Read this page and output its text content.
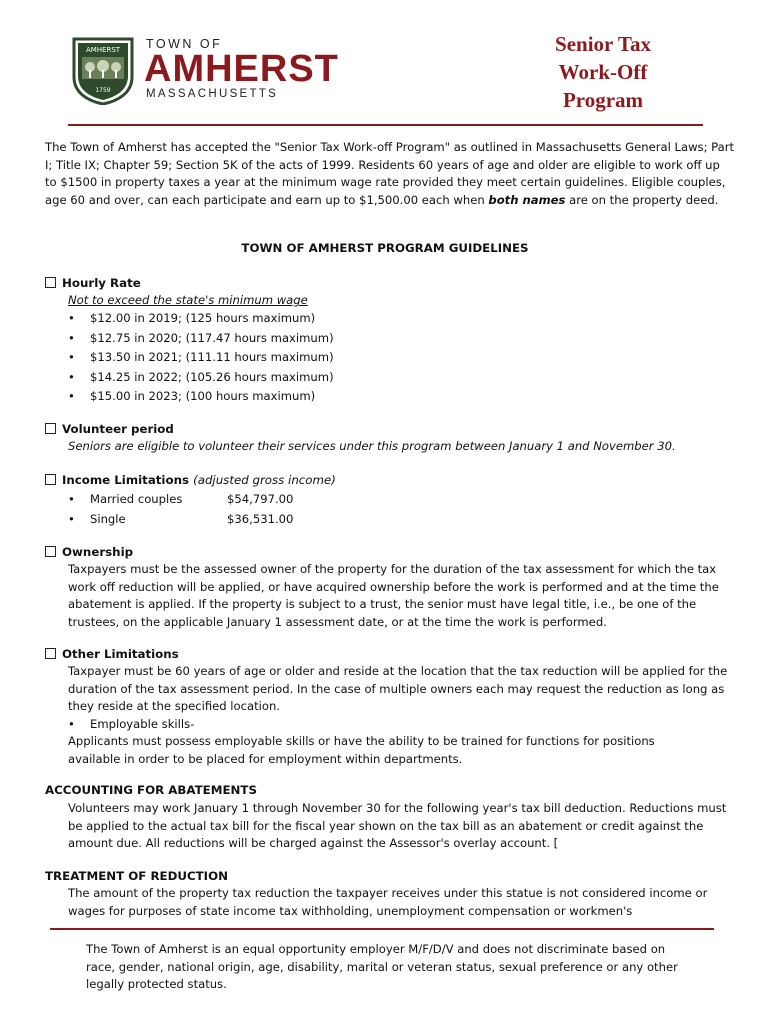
AMHERST
1759
TOWN OF
AMHERST
MASSACHUSETTS
Senior Tax
Work-Off
Program
The Town of Amherst has accepted the "Senior Tax Work-off Program" as outlined in Massachusetts General Laws; Part I; Title IX; Chapter 59; Section 5K of the acts of 1999. Residents 60 years of age and older are eligible to work off up to $1500 in property taxes a year at the minimum wage rate provided they meet certain guidelines. Eligible couples, age 60 and over, can each participate and earn up to $1,500.00 each when both names are on the property deed.
TOWN OF AMHERST PROGRAM GUIDELINES
Hourly Rate
Not to exceed the state's minimum wage
•	$12.00 in 2019; (125 hours maximum)
•	$12.75 in 2020; (117.47 hours maximum)
•	$13.50 in 2021; (111.11 hours maximum)
•	$14.25 in 2022; (105.26 hours maximum)
•	$15.00 in 2023; (100 hours maximum)
Volunteer period
Seniors are eligible to volunteer their services under this program between January 1 and November 30.
Income Limitations (adjusted gross income)
•	Married couples	$54,797.00
•	Single	$36,531.00
Ownership
Taxpayers must be the assessed owner of the property for the duration of the tax assessment for which the tax work off reduction will be applied, or have acquired ownership before the work is performed and at the time the abatement is applied. If the property is subject to a trust, the senior must have legal title, i.e., be one of the trustees, on the applicable January 1 assessment date, or at the time the work is performed.
Other Limitations
Taxpayer must be 60 years of age or older and reside at the location that the tax reduction will be applied for the duration of the tax assessment period. In the case of multiple owners each may request the reduction as long as they reside at the specified location.
•	Employable skills-
Applicants must possess employable skills or have the ability to be trained for functions for positions available in order to be placed for employment within departments.
ACCOUNTING FOR ABATEMENTS
Volunteers may work January 1 through November 30 for the following year's tax bill deduction. Reductions must be applied to the actual tax bill for the fiscal year shown on the tax bill as an abatement or credit against the amount due. All reductions will be charged against the Assessor's overlay account. [
TREATMENT OF REDUCTION
The amount of the property tax reduction the taxpayer receives under this statue is not considered income or wages for purposes of state income tax withholding, unemployment compensation or workmen's
The Town of Amherst is an equal opportunity employer M/F/D/V and does not discriminate based on race, gender, national origin, age, disability, marital or veteran status, sexual preference or any other legally protected status.
